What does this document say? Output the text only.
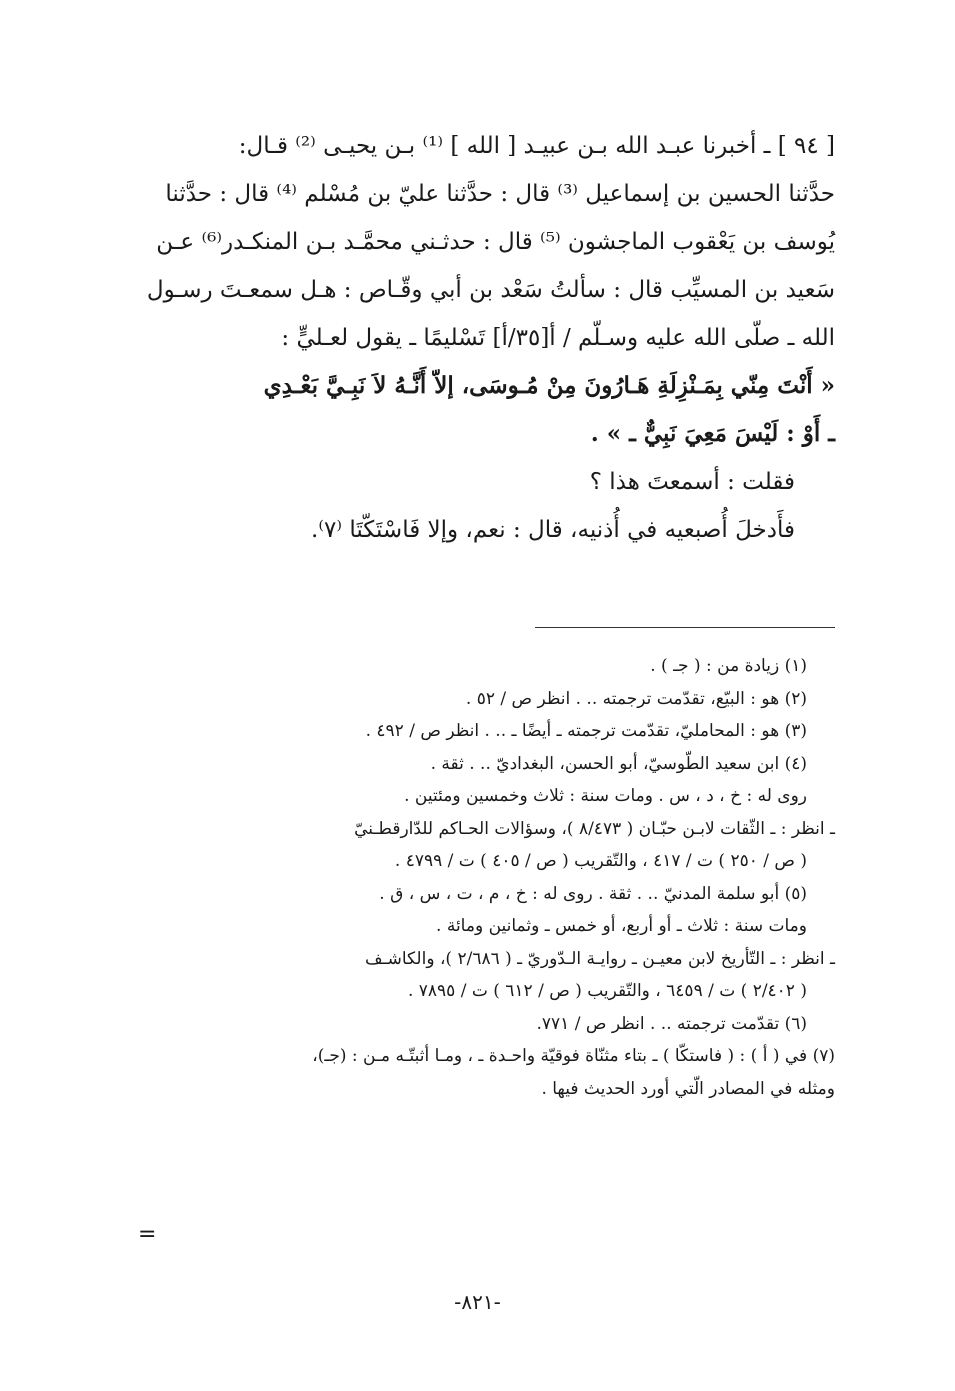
[ ٩٤ ] ـ أخبرنا عبـد الله بـن عبيـد [ الله ] ⁽¹⁾ بـن يحيـى ⁽²⁾ قـال:

حدَّثنا الحسين بن إسماعيل ⁽³⁾ قال : حدَّثنا عليّ بن مُسْلم ⁽⁴⁾ قال : حدَّثنا

يُوسف بن يَعْقوب الماجشون ⁽⁵⁾ قال : حدثـني محمَّـد بـن المنكـدر⁽⁶⁾ عـن

سَعيد بن المسيِّب قال : سألتُ سَعْد بن أبي وقّـاص : هـل سمعـتَ رسـول

الله ـ صلّى الله عليه وسـلّم / أ[٣٥/أ] تَسْليمًا ـ يقول لعـليٍّ :

« أَنْتَ مِنّي بِمَـنْزِلَةِ هَـارُونَ مِنْ مُـوسَى، إلاّ أَنَّـهُ لاَ نَبِـيَّ بَعْـدِي

ـ أَوْ : لَيْسَ مَعِيَ نَبِيٌّ ـ » .

فقلت : أسمعتَ هذا ؟

فأَدخلَ أُصبعيه في أُذنيه، قال : نعم، وإلا فَاسْتَكّتَا ⁽٧⁾.

(١) زيادة من : ( جـ ) .

(٢) هو : البيّع، تقدّمت ترجمته .. . انظر ص / ٥٢ .

(٣) هو : المحامليّ، تقدّمت ترجمته ـ أيضًا ـ .. . انظر ص / ٤٩٢ .

(٤) ابن سعيد الطّوسيّ، أبو الحسن، البغداديّ .. . ثقة .

روى له : خ ، د ، س . ومات سنة : ثلاث وخمسين ومئتين .

ـ انظر : ـ الثّقات لابـن حبّـان ( ٨/٤٧٣ )، وسؤالات الحـاكم للدّارقطـنيّ

( ص / ٢٥٠ ) ت / ٤١٧ ، والتّقريب ( ص / ٤٠٥ ) ت / ٤٧٩٩ .

(٥) أبو سلمة المدنيّ .. . ثقة . روى له : خ ، م ، ت ، س ، ق .

ومات سنة : ثلاث ـ أو أربع، أو خمس ـ وثمانين ومائة .

ـ انظر : ـ التّأريخ لابن معيـن ـ روايـة الـدّوريّ ـ ( ٢/٦٨٦ )، والكاشـف

( ٢/٤٠٢ ) ت / ٦٤٥٩ ، والتّقريب ( ص / ٦١٢ ) ت / ٧٨٩٥ .

(٦) تقدّمت ترجمته .. . انظر ص / ٧٧١.

(٧) في ( أ ) : ( فاستكّا ) ـ بتاء مثنّاة فوقيّة واحـدة ـ ، ومـا أثبتّـه مـن : (جـ)،

ومثله في المصادر الّتي أورد الحديث فيها .

=
-٨٢١-
